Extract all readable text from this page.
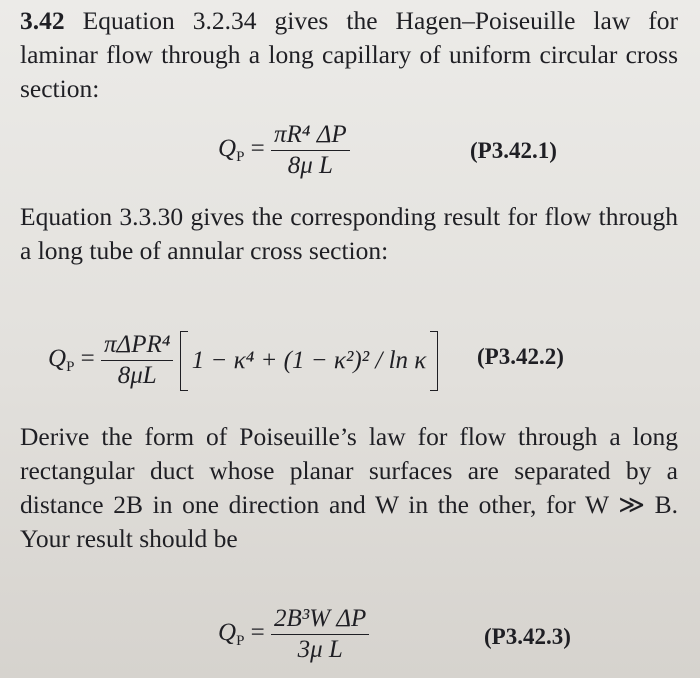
3.42 Equation 3.2.34 gives the Hagen–Poiseuille law for laminar flow through a long capillary of uniform circular cross section:
$Q_P = \frac{\text{πR⁴ ΔP}}{\text{8μ L}}$	(P3.42.1)
Equation 3.3.30 gives the corresponding result for flow through a long tube of annular cross section:
$Q_P = \frac{\text{πΔPR⁴}}{8\mu L} 1 - \kappa^4 + (1 - \kappa^2)^2 / \ln \kappa$	(P3.42.2)
Derive the form of Poiseuille’s law for flow through a long rectangular duct whose planar surfaces are separated by a distance 2B in one direction and W in the other, for W ≫ B. Your result should be
$Q_P = \frac{\text{2B³W ΔP}}{\text{3μ L}}$	(P3.42.3)
